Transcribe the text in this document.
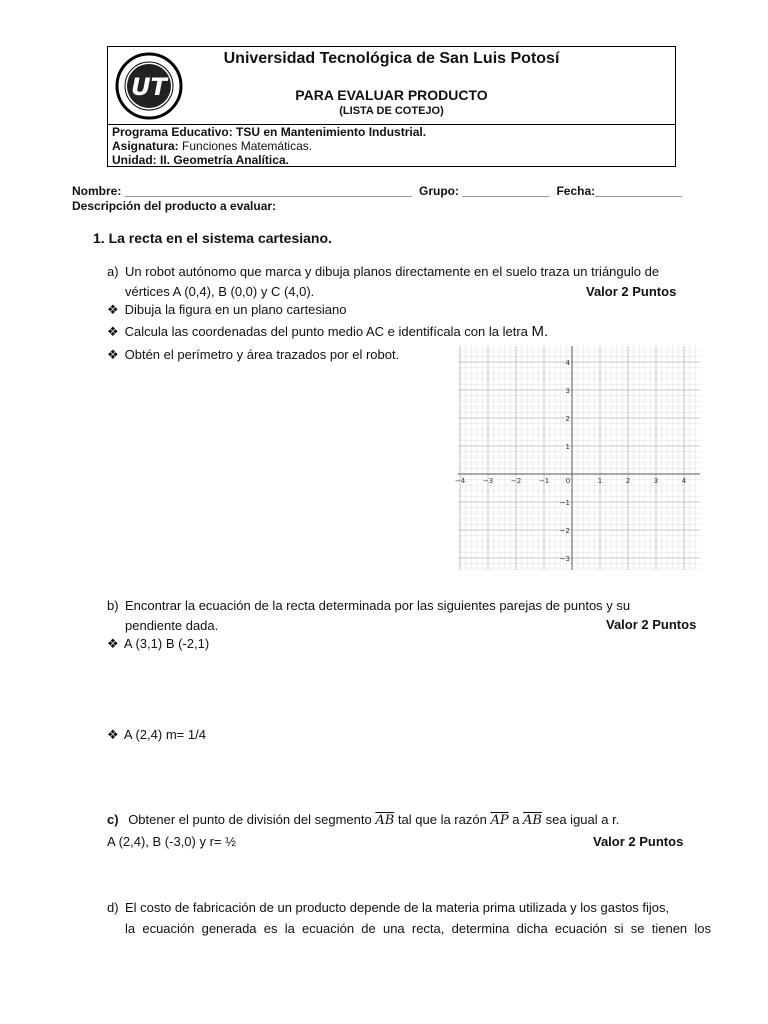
UT
Universidad Tecnológica de San Luis Potosí
PARA EVALUAR PRODUCTO
(LISTA DE COTEJO)
Programa Educativo: TSU en Mantenimiento Industrial.
Asignatura: Funciones Matemáticas.
Unidad: II. Geometría Analítica.
Nombre: ___________________________________________ Grupo: _____________ Fecha:_____________
Descripción del producto a evaluar:
1. La recta en el sistema cartesiano.
a) Un robot autónomo que marca y dibuja planos directamente en el suelo traza un triángulo de
vértices A (0,4), B (0,0) y C (4,0).	Valor 2 Puntos
❖ Dibuja la figura en un plano cartesiano
❖ Calcula las coordenadas del punto medio AC e identifícala con la letra M.
❖ Obtén el perímetro y área trazados por el robot.
−4	−3	−2	−1 0	1	2	3	4
4
3
2
1
−1
−2
−3
b) Encontrar la ecuación de la recta determinada por las siguientes parejas de puntos y su
pendiente dada.	Valor 2 Puntos
❖ A (3,1) B (-2,1)
❖ A (2,4) m= 1/4
c) Obtener el punto de división del segmento $\overline{AB}$ tal que la razón $\overline{AP}$ a $\overline{AB}$ sea igual a r.
A (2,4), B (-3,0) y r= ½	Valor 2 Puntos
d) El costo de fabricación de un producto depende de la materia prima utilizada y los gastos fijos,
la ecuación generada es la ecuación de una recta, determina dicha ecuación si se tienen los
